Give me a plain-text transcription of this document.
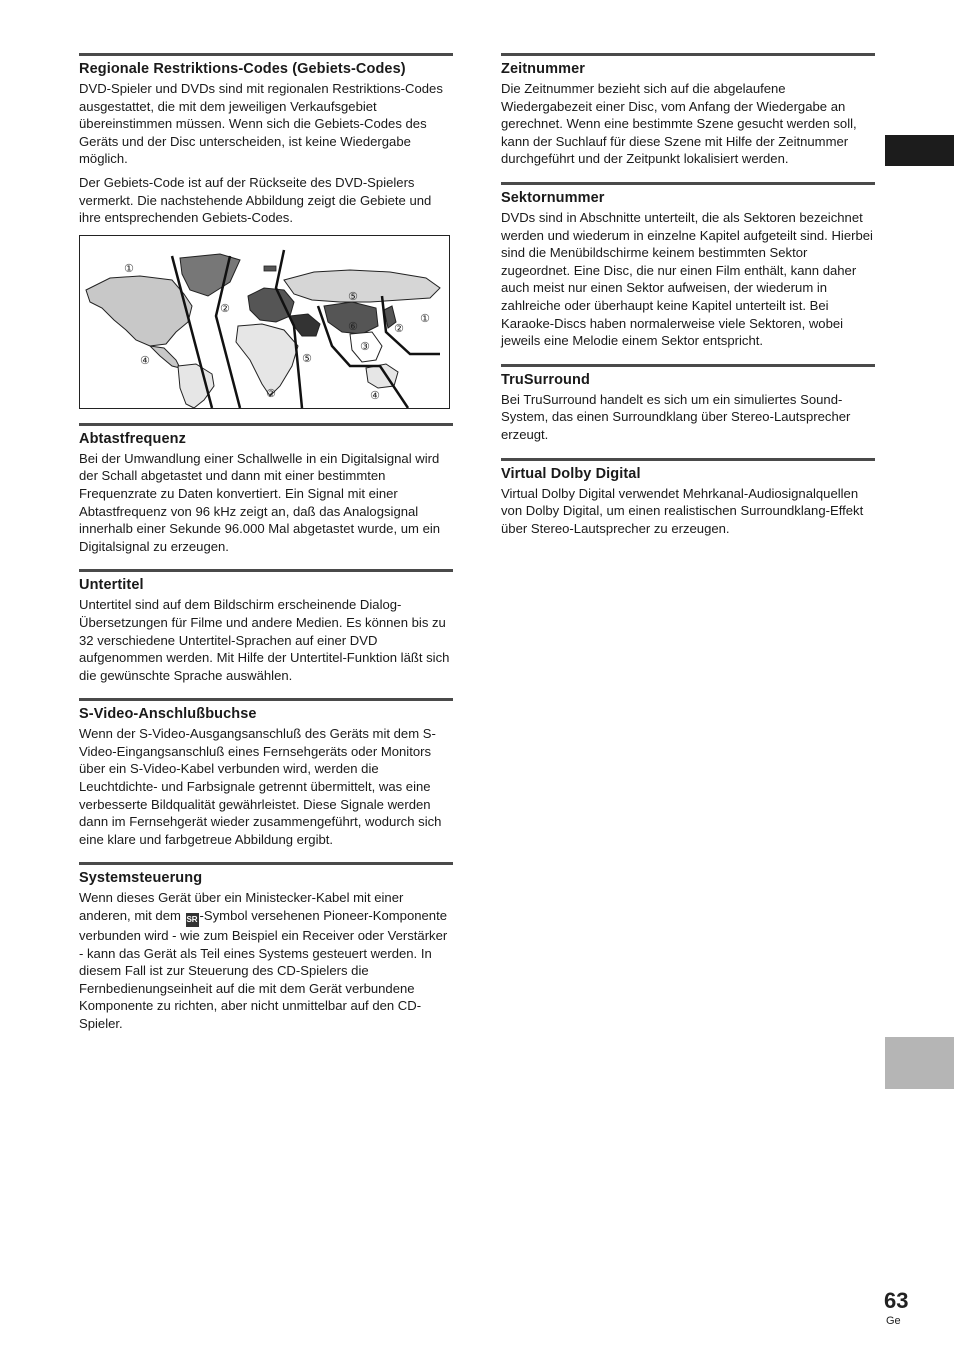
Regionale Restriktions-Codes (Gebiets-Codes)

DVD-Spieler und DVDs sind mit regionalen Restriktions-Codes ausgestattet, die mit dem jeweiligen Verkaufsgebiet übereinstimmen müssen. Wenn sich die Gebiets-Codes des Geräts und der Disc unterscheiden, ist keine Wiedergabe möglich.

Der Gebiets-Code ist auf der Rückseite des DVD-Spielers vermerkt. Die nachstehende Abbildung zeigt die Gebiete und ihre entsprechenden Gebiets-Codes.

①
②
⑤
②
①
⑥
③
④	⑤
②	④
Abtastfrequenz

Bei der Umwandlung einer Schallwelle in ein Digitalsignal wird der Schall abgetastet und dann mit einer bestimmten Frequenzrate zu Daten konvertiert. Ein Signal mit einer Abtastfrequenz von 96 kHz zeigt an, daß das Analogsignal innerhalb einer Sekunde 96.000 Mal abgetastet wurde, um ein Digitalsignal zu erzeugen.

Untertitel

Untertitel sind auf dem Bildschirm erscheinende Dialog-Übersetzungen für Filme und andere Medien. Es können bis zu 32 verschiedene Untertitel-Sprachen auf einer DVD aufgenommen werden. Mit Hilfe der Untertitel-Funktion läßt sich die gewünschte Sprache auswählen.

S-Video-Anschlußbuchse

Wenn der S-Video-Ausgangsanschluß des Geräts mit dem S-Video-Eingangsanschluß eines Fernsehgeräts oder Monitors über ein S-Video-Kabel verbunden wird, werden die Leuchtdichte- und Farbsignale getrennt übermittelt, was eine verbesserte Bildqualität gewährleistet. Diese Signale werden dann im Fernsehgerät wieder zusammengeführt, wodurch sich eine klare und farbgetreue Abbildung ergibt.

Systemsteuerung

Wenn dieses Gerät über ein Ministecker-Kabel mit einer anderen, mit dem SR -Symbol versehenen Pioneer-Komponente verbunden wird - wie zum Beispiel ein Receiver oder Verstärker - kann das Gerät als Teil eines Systems gesteuert werden. In diesem Fall ist zur Steuerung des CD-Spielers die Fernbedienungseinheit auf die mit dem Gerät verbundene Komponente zu richten, aber nicht unmittelbar auf den CD-Spieler.

Zeitnummer

Die Zeitnummer bezieht sich auf die abgelaufene Wiedergabezeit einer Disc, vom Anfang der Wiedergabe an gerechnet. Wenn eine bestimmte Szene gesucht werden soll, kann der Suchlauf für diese Szene mit Hilfe der Zeitnummer durchgeführt und der Zeitpunkt lokalisiert werden.

Sektornummer

DVDs sind in Abschnitte unterteilt, die als Sektoren bezeichnet werden und wiederum in einzelne Kapitel aufgeteilt sind. Hierbei sind die Menübildschirme keinem bestimmten Sektor zugeordnet. Eine Disc, die nur einen Film enthält, kann daher auch meist nur einen Sektor aufweisen, der wiederum in zahlreiche oder überhaupt keine Kapitel unterteilt ist. Bei Karaoke-Discs haben normalerweise viele Sektoren, wobei jeweils eine Melodie einem Sektor entspricht.

TruSurround

Bei TruSurround handelt es sich um ein simuliertes Sound-System, das einen Surroundklang über Stereo-Lautsprecher erzeugt.

Virtual Dolby Digital

Virtual Dolby Digital verwendet Mehrkanal-Audiosignalquellen von Dolby Digital, um einen realistischen Surroundklang-Effekt über Stereo-Lautsprecher zu erzeugen.

63
Ge
